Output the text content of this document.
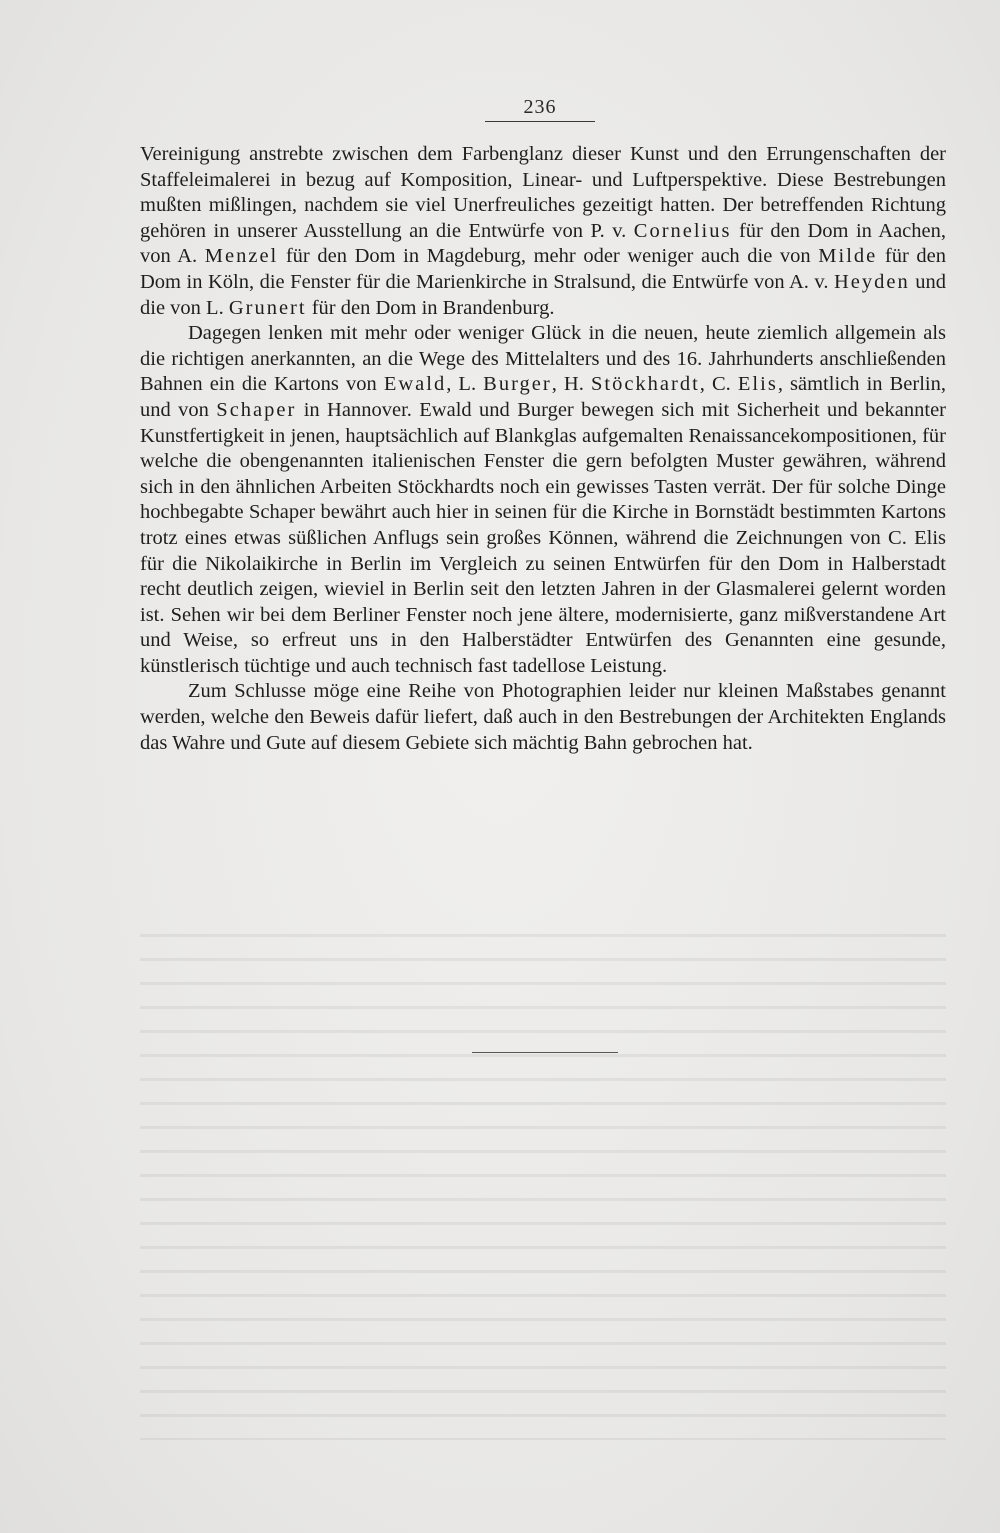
236

Vereinigung anstrebte zwischen dem Farbenglanz dieser Kunst und den Errungenschaften der Staffeleimalerei in bezug auf Komposition, Linear- und Luftperspektive. Diese Bestrebungen mußten mißlingen, nachdem sie viel Unerfreuliches gezeitigt hatten. Der betreffenden Richtung gehören in unserer Ausstellung an die Entwürfe von P. v. Cornelius für den Dom in Aachen, von A. Menzel für den Dom in Magdeburg, mehr oder weniger auch die von Milde für den Dom in Köln, die Fenster für die Marienkirche in Stralsund, die Entwürfe von A. v. Heyden und die von L. Grunert für den Dom in Brandenburg.

Dagegen lenken mit mehr oder weniger Glück in die neuen, heute ziemlich allgemein als die richtigen anerkannten, an die Wege des Mittelalters und des 16. Jahrhunderts anschließenden Bahnen ein die Kartons von Ewald, L. Burger, H. Stöckhardt, C. Elis, sämtlich in Berlin, und von Schaper in Hannover. Ewald und Burger bewegen sich mit Sicherheit und bekannter Kunstfertigkeit in jenen, hauptsächlich auf Blankglas aufgemalten Renaissancekompositionen, für welche die obengenannten italienischen Fenster die gern befolgten Muster gewähren, während sich in den ähnlichen Arbeiten Stöckhardts noch ein gewisses Tasten verrät. Der für solche Dinge hochbegabte Schaper bewährt auch hier in seinen für die Kirche in Bornstädt bestimmten Kartons trotz eines etwas süßlichen Anflugs sein großes Können, während die Zeichnungen von C. Elis für die Nikolaikirche in Berlin im Vergleich zu seinen Entwürfen für den Dom in Halberstadt recht deutlich zeigen, wieviel in Berlin seit den letzten Jahren in der Glasmalerei gelernt worden ist. Sehen wir bei dem Berliner Fenster noch jene ältere, modernisierte, ganz mißverstandene Art und Weise, so erfreut uns in den Halberstädter Entwürfen des Genannten eine gesunde, künstlerisch tüchtige und auch technisch fast tadellose Leistung.

Zum Schlusse möge eine Reihe von Photographien leider nur kleinen Maßstabes genannt werden, welche den Beweis dafür liefert, daß auch in den Bestrebungen der Architekten Englands das Wahre und Gute auf diesem Gebiete sich mächtig Bahn gebrochen hat.
